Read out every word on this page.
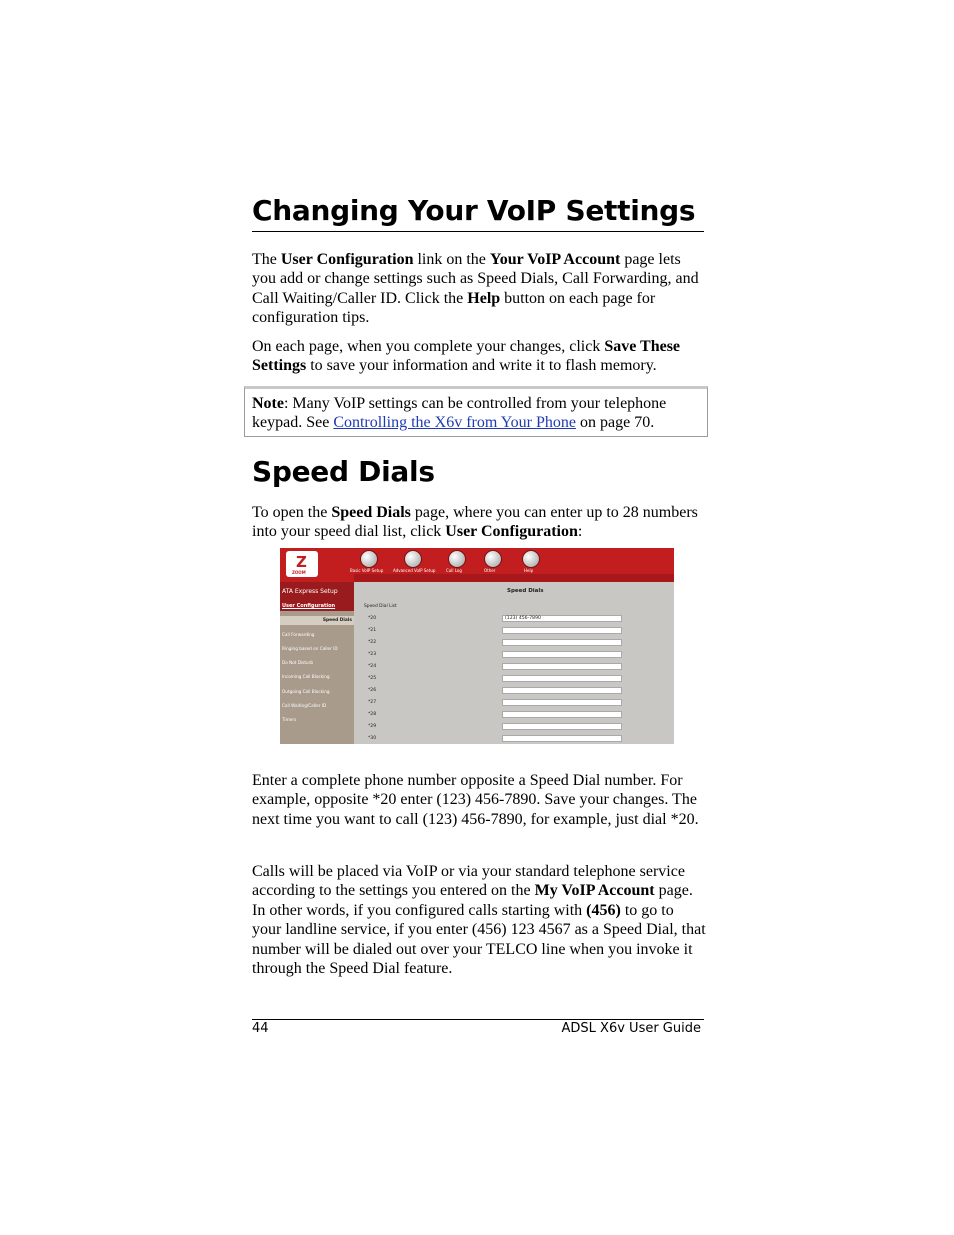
Changing Your VoIP Settings

The User Configuration link on the Your VoIP Account page lets you add or change settings such as Speed Dials, Call Forwarding, and Call Waiting/Caller ID. Click the Help button on each page for configuration tips.

On each page, when you complete your changes, click Save These Settings to save your information and write it to flash memory.

Note: Many VoIP settings can be controlled from your telephone keypad. See Controlling the X6v from Your Phone on page 70.

Speed Dials

To open the Speed Dials page, where you can enter up to 28 numbers into your speed dial list, click User Configuration:

Z
ZOOM	Basic VoIP Setup Advanced VoIP Setup	Call Log	Other	Help
ATA Express Setup
User Configuration
Speed Dials
Call Forwarding
Ringing based on Caller ID
Do Not Disturb
Incoming Call Blocking
Outgoing Call Blocking
Call Waiting/Caller ID
Timers
Speed Dials
Speed Dial List
*20	(123) 456-7890
*21
*22
*23
*24
*25
*26
*27
*28
*29
*30

Enter a complete phone number opposite a Speed Dial number. For example, opposite *20 enter (123) 456-7890. Save your changes. The next time you want to call (123) 456-7890, for example, just dial *20.

Calls will be placed via VoIP or via your standard telephone service according to the settings you entered on the My VoIP Account page. In other words, if you configured calls starting with (456) to go to your landline service, if you enter (456) 123 4567 as a Speed Dial, that number will be dialed out over your TELCO line when you invoke it through the Speed Dial feature.

44	ADSL X6v User Guide
